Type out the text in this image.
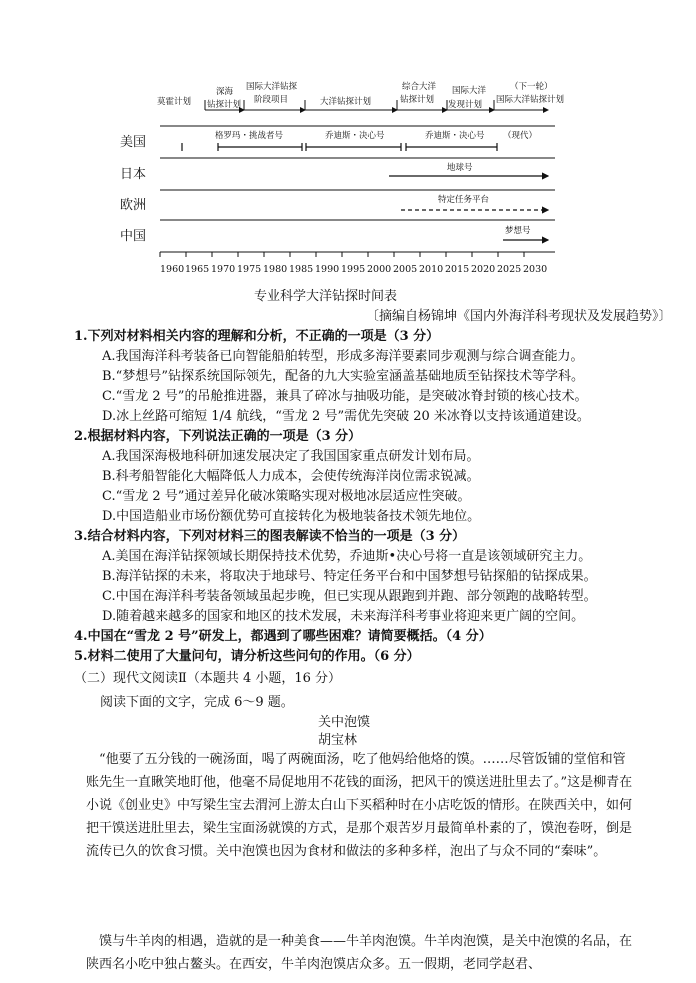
莫霍计划
深海
钻探计划
国际大洋钻探
阶段项目	大洋钻探计划
综合大洋
钻探计划
国际大洋
发现计划
（下一轮）
国际大洋钻探计划
美国
日本
欧洲
中国
格罗玛・挑战者号	乔迪斯・决心号	乔迪斯・决心号 （现代）
地球号
特定任务平台
梦想号
1960 1965 1970 1975 1980 1985 1990 1995 2000 2005 2010 2015 2020 2025 2030
专业科学大洋钻探时间表
〔摘编自杨锦坤《国内外海洋科考现状及发展趋势》〕
1.下列对材料相关内容的理解和分析，不正确的一项是（3 分）
A.我国海洋科考装备已向智能船舶转型，形成多海洋要素同步观测与综合调查能力。
B.“梦想号”钻探系统国际领先，配备的九大实验室涵盖基础地质至钻探技术等学科。
C.“雪龙 2 号”的吊舱推进器，兼具了碎冰与抽吸功能，是突破冰脊封锁的核心技术。
D.冰上丝路可缩短 1/4 航线，“雪龙 2 号”需优先突破 20 米冰脊以支持该通道建设。
2.根据材料内容，下列说法正确的一项是（3 分）
A.我国深海极地科研加速发展决定了我国国家重点研发计划布局。
B.科考船智能化大幅降低人力成本，会使传统海洋岗位需求锐减。
C.“雪龙 2 号”通过差异化破冰策略实现对极地冰层适应性突破。
D.中国造船业市场份额优势可直接转化为极地装备技术领先地位。
3.结合材料内容，下列对材料三的图表解读不恰当的一项是（3 分）
A.美国在海洋钻探领域长期保持技术优势，乔迪斯•决心号将一直是该领域研究主力。
B.海洋钻探的未来，将取决于地球号、特定任务平台和中国梦想号钻探船的钻探成果。
C.中国在海洋科考装备领域虽起步晚，但已实现从跟跑到并跑、部分领跑的战略转型。
D.随着越来越多的国家和地区的技术发展，未来海洋科考事业将迎来更广阔的空间。
4.中国在“雪龙 2 号”研发上，都遇到了哪些困难？请简要概括。（4 分）
5.材料二使用了大量问句，请分析这些问句的作用。（6 分）
（二）现代文阅读Ⅱ（本题共 4 小题，16 分）
阅读下面的文字，完成 6～9 题。
关中泡馍
胡宝林
“他要了五分钱的一碗汤面，喝了两碗面汤，吃了他妈给他烙的馍。……尽管饭铺的堂倌和管账先生一直瞅笑地盯他，他毫不局促地用不花钱的面汤，把风干的馍送进肚里去了。”这是柳青在小说《创业史》中写梁生宝去渭河上游太白山下买稻种时在小店吃饭的情形。在陕西关中，如何把干馍送进肚里去，梁生宝面汤就馍的方式，是那个艰苦岁月最简单朴素的了，馍泡卷呀，倒是流传已久的饮食习惯。关中泡馍也因为食材和做法的多种多样，泡出了与众不同的“秦味”。
馍与牛羊肉的相遇，造就的是一种美食——牛羊肉泡馍。牛羊肉泡馍，是关中泡馍的名品，在陕西名小吃中独占鳌头。在西安，牛羊肉泡馍店众多。五一假期，老同学赵君、
